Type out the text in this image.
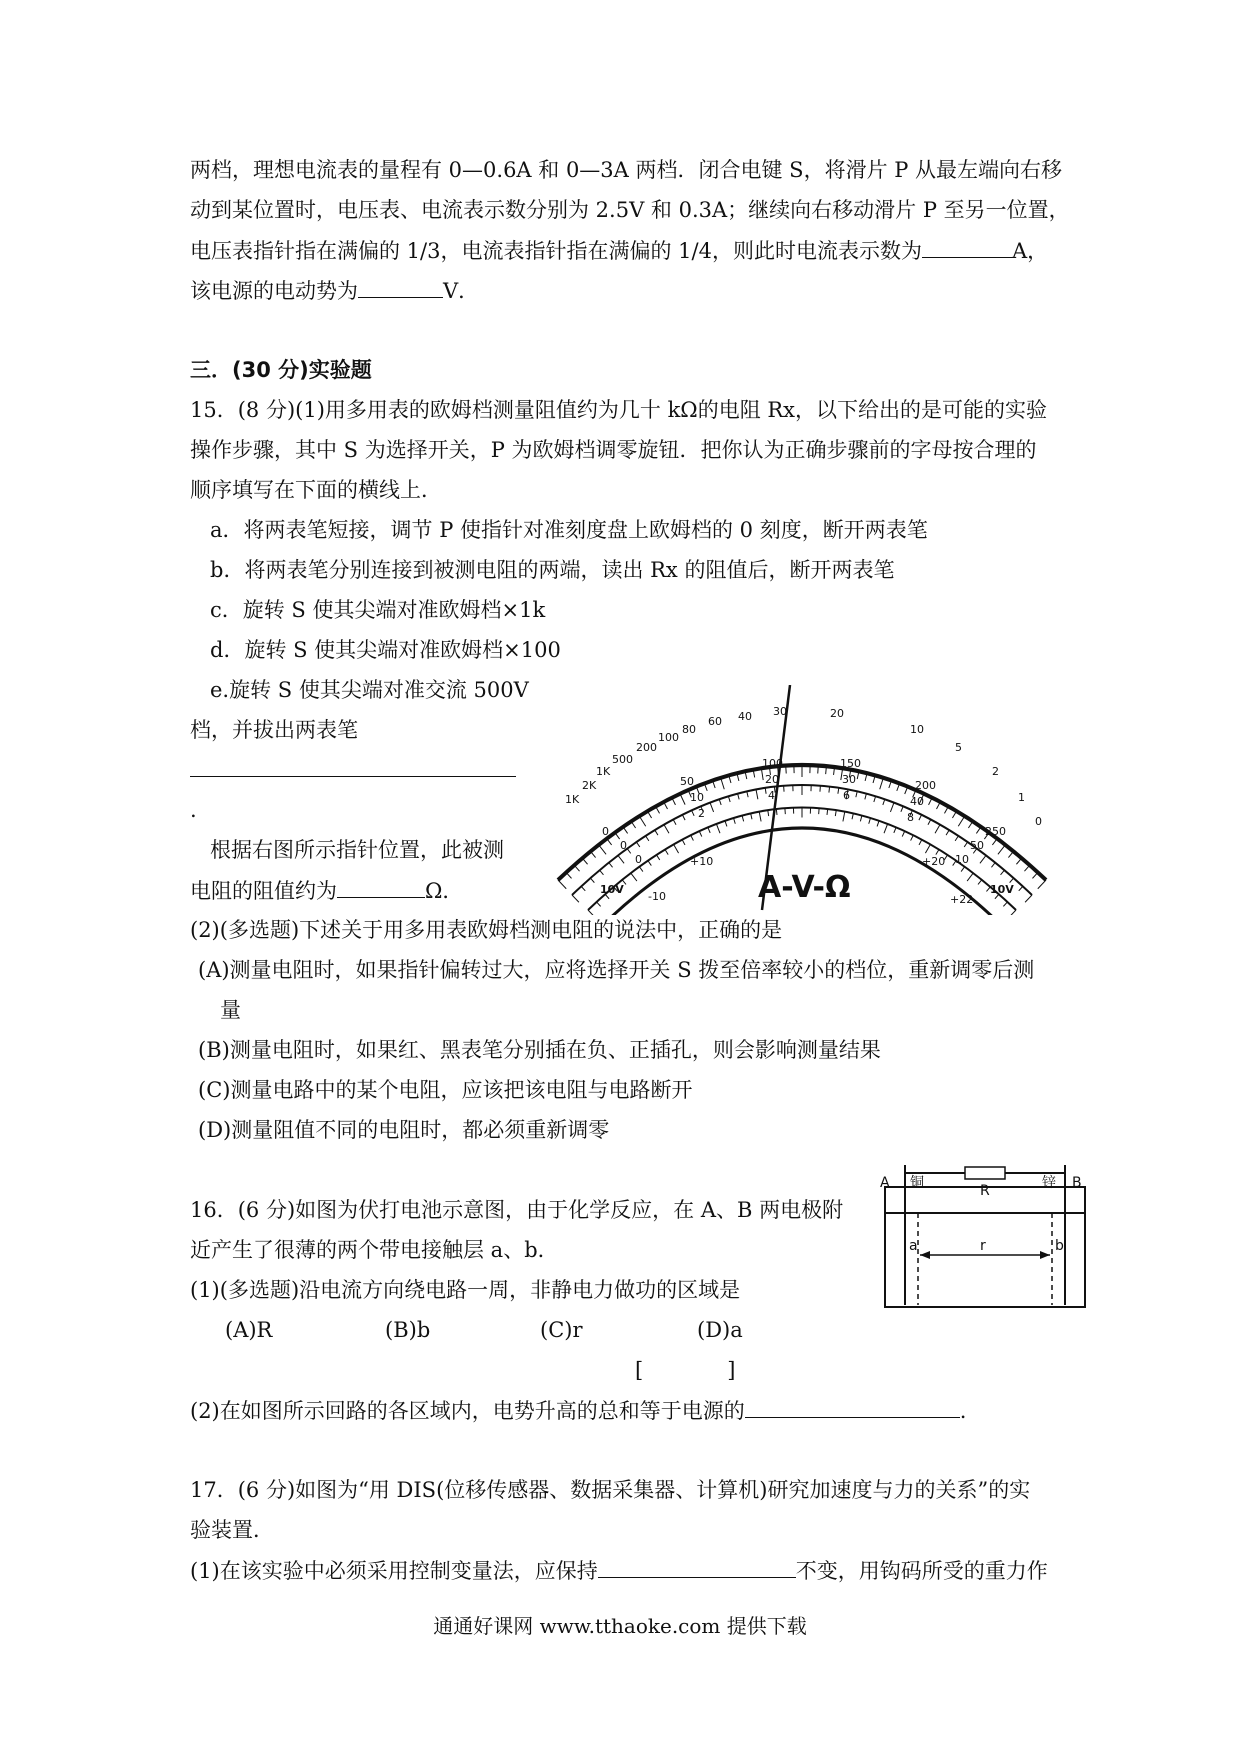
两档，理想电流表的量程有 0—0.6A 和 0—3A 两档．闭合电键 S，将滑片 P 从最左端向右移
动到某位置时，电压表、电流表示数分别为 2.5V 和 0.3A；继续向右移动滑片 P 至另一位置，
电压表指针指在满偏的 1/3，电流表指针指在满偏的 1/4，则此时电流表示数为	A，
该电源的电动势为	V．
三．(30 分)实验题
15．(8 分)(1)用多用表的欧姆档测量阻值约为几十 kΩ的电阻 Rx，以下给出的是可能的实验
操作步骤，其中 S 为选择开关，P 为欧姆档调零旋钮．把你认为正确步骤前的字母按合理的
顺序填写在下面的横线上．
a．将两表笔短接，调节 P 使指针对准刻度盘上欧姆档的 0 刻度，断开两表笔
b．将两表笔分别连接到被测电阻的两端，读出 Rx 的阻值后，断开两表笔
c．旋转 S 使其尖端对准欧姆档×1k
d．旋转 S 使其尖端对准欧姆档×100
e.旋转 S 使其尖端对准交流 500V
档，并拔出两表笔
.
根据右图所示指针位置，此被测
电阻的阻值约为	Ω．
(2)(多选题)下述关于用多用表欧姆档测电阻的说法中，正确的是
(A)测量电阻时，如果指针偏转过大，应将选择开关 S 拨至倍率较小的档位，重新调零后测
量
(B)测量电阻时，如果红、黑表笔分别插在负、正插孔，则会影响测量结果
(C)测量电路中的某个电阻，应该把该电阻与电路断开
(D)测量阻值不同的电阻时，都必须重新调零
1K
2K
1K
500
200
100
80
60 40 30	20
10
5
2
1
0
0
50
100	150
200
250
0
10
20	30
40
50
0
2
4	6
8
10
-10
+10	+20
+22
10V	10V
A-V-Ω
16．(6 分)如图为伏打电池示意图，由于化学反应，在 A、B 两电极附
近产生了很薄的两个带电接触层 a、b．
(1)(多选题)沿电流方向绕电路一周，非静电力做功的区域是
(A)R	(B)b	(C)r	(D)a
[　　　　]
(2)在如图所示回路的各区域内，电势升高的总和等于电源的	.
A 铜	R	锌 B
a	r	b
17．(6 分)如图为“用 DIS(位移传感器、数据采集器、计算机)研究加速度与力的关系”的实
验装置．
(1)在该实验中必须采用控制变量法，应保持	不变，用钩码所受的重力作
通通好课网 www.tthaoke.com 提供下载
